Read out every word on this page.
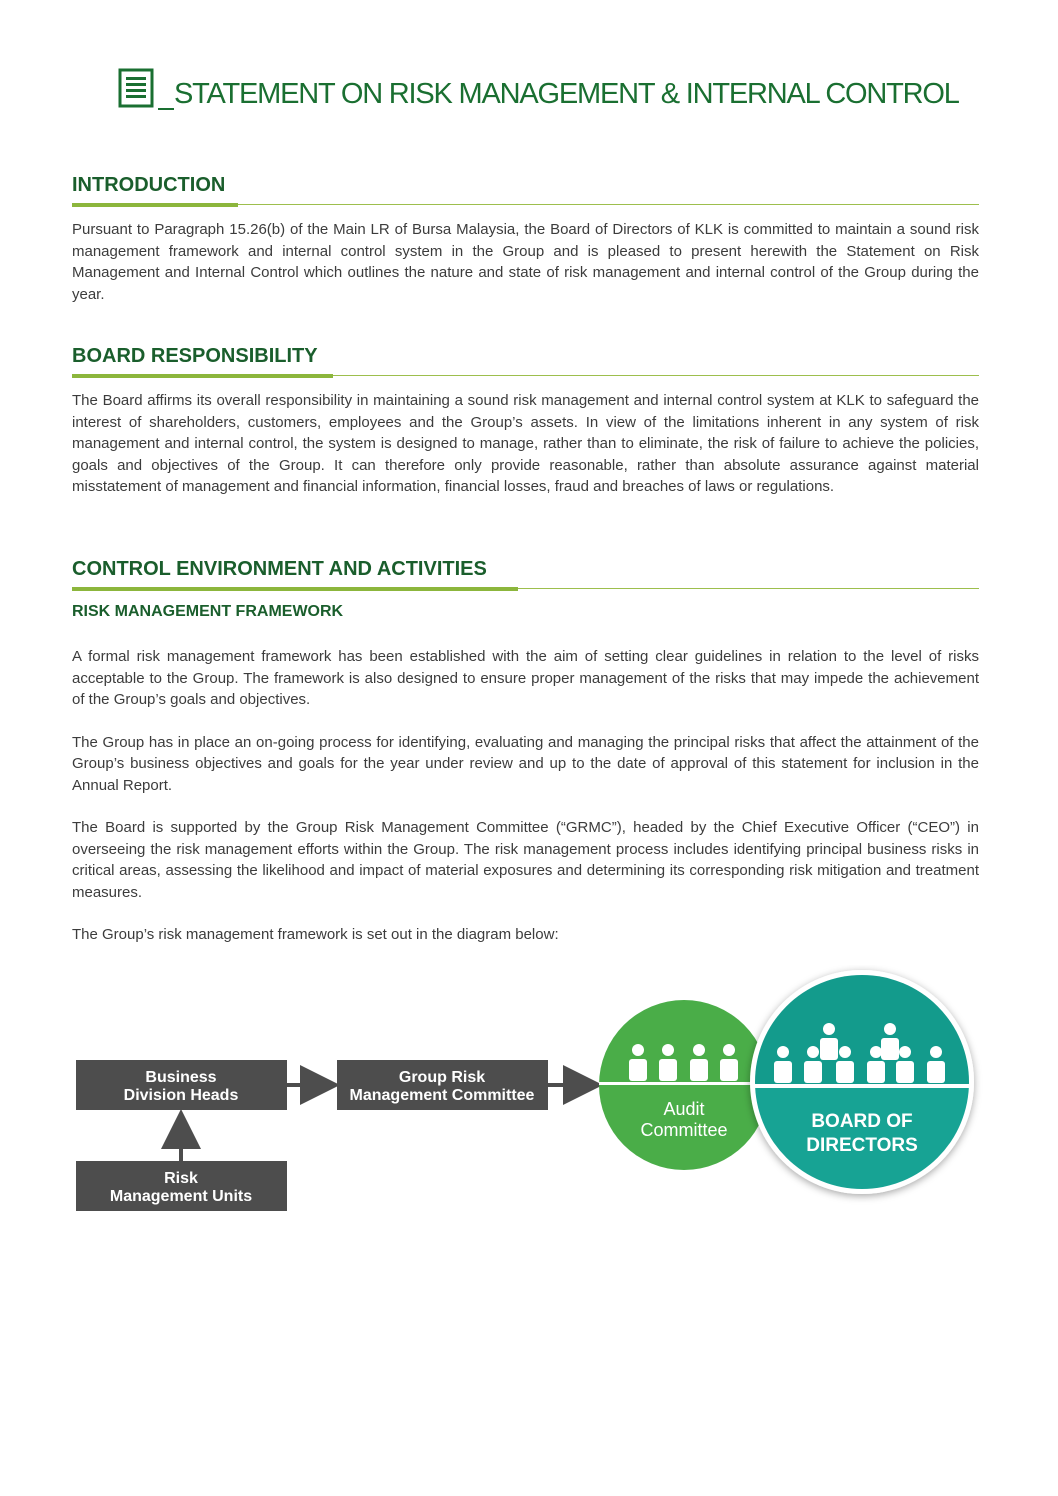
STATEMENT ON RISK MANAGEMENT & INTERNAL CONTROL
INTRODUCTION

Pursuant to Paragraph 15.26(b) of the Main LR of Bursa Malaysia, the Board of Directors of KLK is committed to maintain a sound risk management framework and internal control system in the Group and is pleased to present herewith the Statement on Risk Management and Internal Control which outlines the nature and state of risk management and internal control of the Group during the year.

BOARD RESPONSIBILITY

The Board affirms its overall responsibility in maintaining a sound risk management and internal control system at KLK to safeguard the interest of shareholders, customers, employees and the Group’s assets. In view of the limitations inherent in any system of risk management and internal control, the system is designed to manage, rather than to eliminate, the risk of failure to achieve the policies, goals and objectives of the Group. It can therefore only provide reasonable, rather than absolute assurance against material misstatement of management and financial information, financial losses, fraud and breaches of laws or regulations.

CONTROL ENVIRONMENT AND ACTIVITIES
RISK MANAGEMENT FRAMEWORK

A formal risk management framework has been established with the aim of setting clear guidelines in relation to the level of risks acceptable to the Group. The framework is also designed to ensure proper management of the risks that may impede the achievement of the Group’s goals and objectives.

The Group has in place an on-going process for identifying, evaluating and managing the principal risks that affect the attainment of the Group’s business objectives and goals for the year under review and up to the date of approval of this statement for inclusion in the Annual Report.

The Board is supported by the Group Risk Management Committee (“GRMC”), headed by the Chief Executive Officer (“CEO”) in overseeing the risk management efforts within the Group. The risk management process includes identifying principal business risks in critical areas, assessing the likelihood and impact of material exposures and determining its corresponding risk mitigation and treatment measures.

The Group’s risk management framework is set out in the diagram below:

Business
Division Heads
Group Risk
Management Committee
Risk
Management Units
Audit
Committee	BOARD OF
DIRECTORS
